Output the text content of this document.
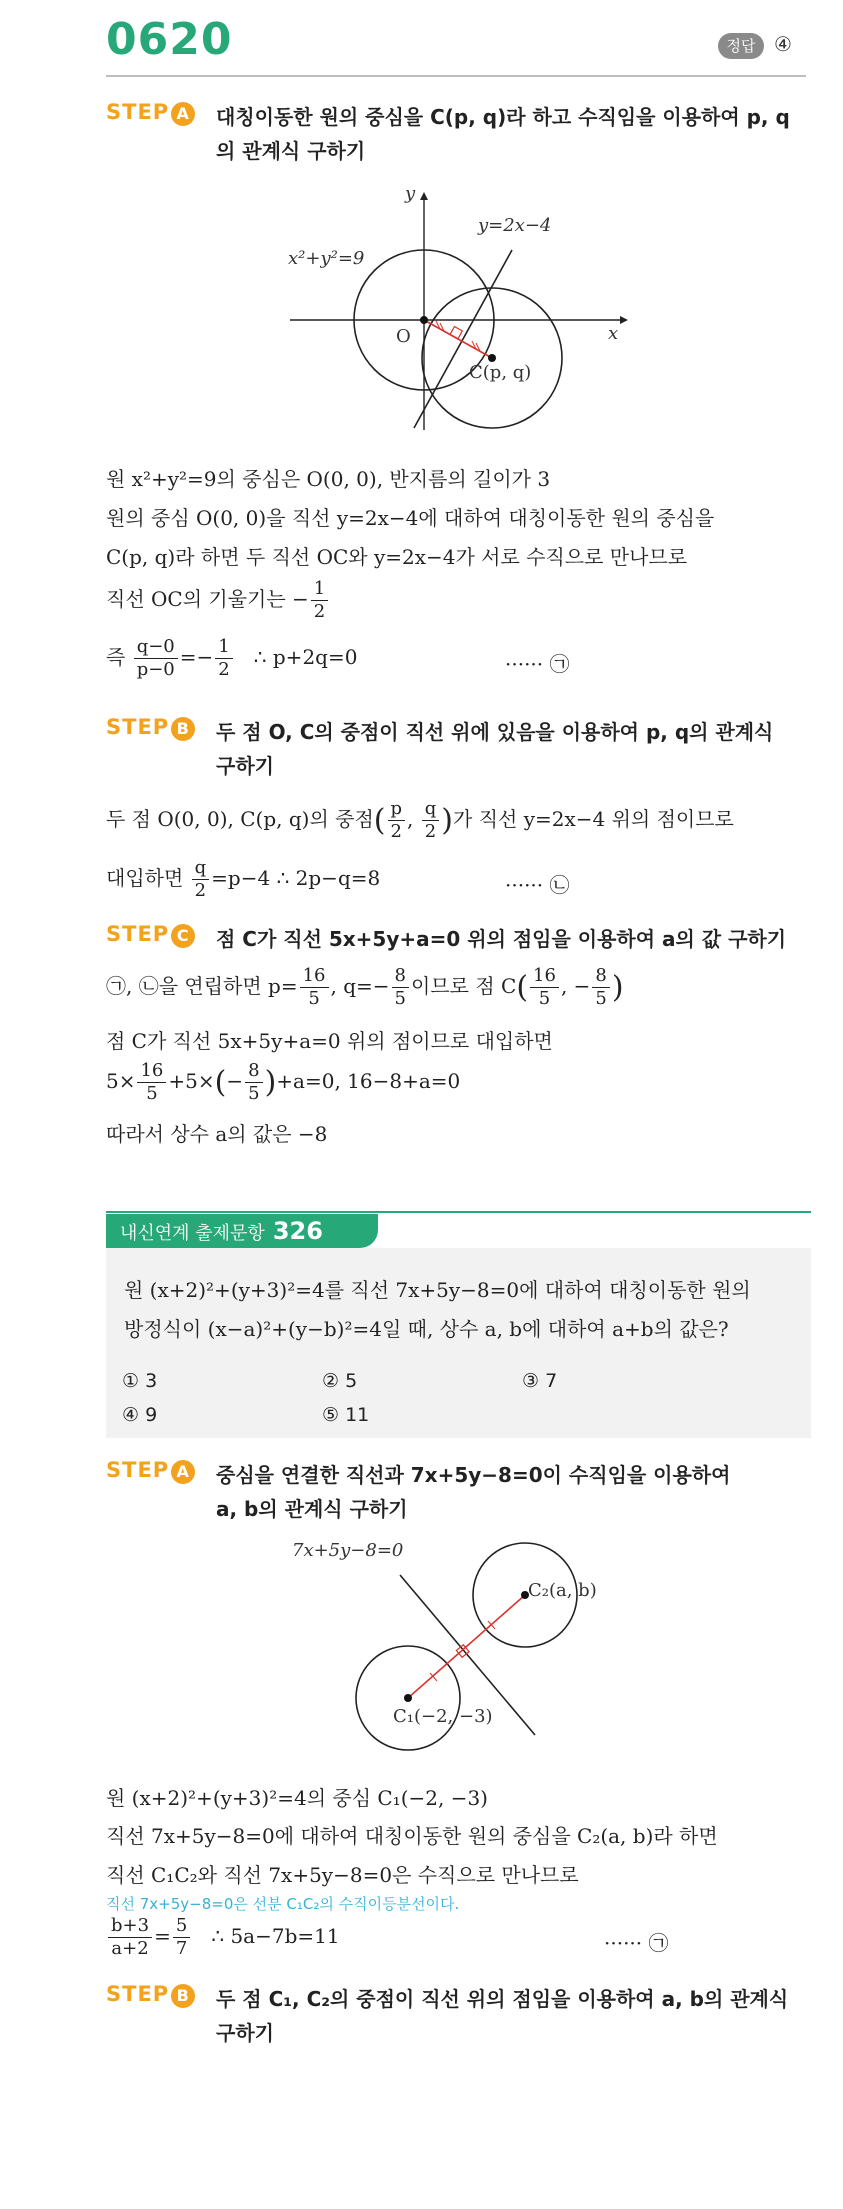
0620	정답 ④
STEP A 대칭이동한 원의 중심을 C(p, q)라 하고 수직임을 이용하여 p, q
의 관계식 구하기
y
x
O
y=2x−4
x²+y²=9
C(p, q)
원 x²+y²=9의 중심은 O(0, 0), 반지름의 길이가 3
원의 중심 O(0, 0)을 직선 y=2x−4에 대하여 대칭이동한 원의 중심을
C(p, q)라 하면 두 직선 OC와 y=2x−4가 서로 수직으로 만나므로
직선 OC의 기울기는 − $\frac{1}{2}$
즉 $\frac{q-0}{p-0} =- \frac{1}{2}$ ∴ p+2q=0	······ ㉠
STEP B 두 점 O, C의 중점이 직선 위에 있음을 이용하여 p, q의 관계식
구하기
두 점 O(0, 0), C(p, q)의 중점( $\frac{p}{2}$ , $\frac{q}{2}$ )가 직선 y=2x−4 위의 점이므로
대입하면 $\frac{q}{2} =p-4$ ∴ 2p−q=8	······ ㉡
STEP C 점 C가 직선 5x+5y+a=0 위의 점임을 이용하여 a의 값 구하기
㉠, ㉡을 연립하면 $p= \frac{16}{5}$ , $q=- \frac{8}{5}$ 이므로 점 $C( \frac{16}{5}$ , − $\frac{8}{5}$ )
점 C가 직선 5x+5y+a=0 위의 점이므로 대입하면
$5\times \frac{16}{5} +5\times(- \frac{8}{5} )+a=0$, 16−8+a=0
따라서 상수 a의 값은 −8
내신연계 출제문항 326
원 (x+2)²+(y+3)²=4를 직선 7x+5y−8=0에 대하여 대칭이동한 원의
방정식이 (x−a)²+(y−b)²=4일 때, 상수 a, b에 대하여 a+b의 값은?
① 3	② 5	③ 7
④ 9	⑤ 11
STEP A 중심을 연결한 직선과 7x+5y−8=0이 수직임을 이용하여
a, b의 관계식 구하기
7x+5y−8=0
C₂(a, b)
C₁(−2, −3)
원 (x+2)²+(y+3)²=4의 중심 C₁(−2, −3)
직선 7x+5y−8=0에 대하여 대칭이동한 원의 중심을 C₂(a, b)라 하면
직선 C₁C₂와 직선 7x+5y−8=0은 수직으로 만나므로
직선 7x+5y−8=0은 선분 C₁C₂의 수직이등분선이다.
$\frac{b+3}{a+2} = \frac{5}{7}$ ∴ 5a−7b=11	······ ㉠
STEP B 두 점 C₁, C₂의 중점이 직선 위의 점임을 이용하여 a, b의 관계식
구하기
